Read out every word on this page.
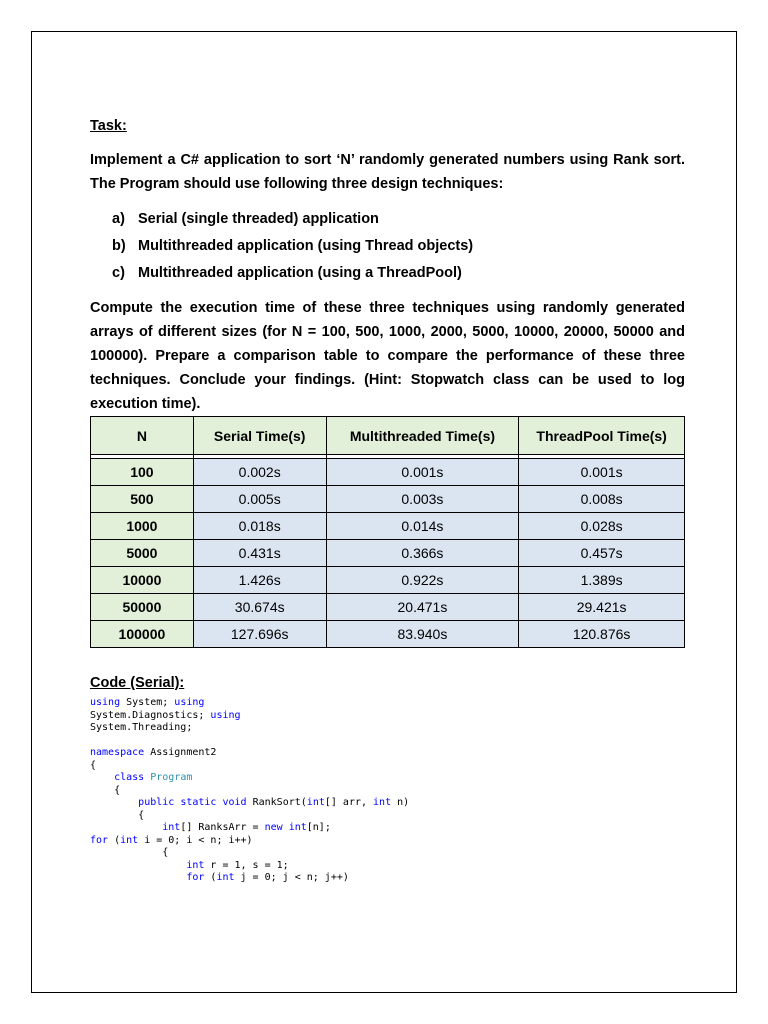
Task:
Implement a C# application to sort ‘N’ randomly generated numbers using Rank sort. The Program should use following three design techniques:
a) Serial (single threaded) application
b) Multithreaded application (using Thread objects)
c) Multithreaded application (using a ThreadPool)
Compute the execution time of these three techniques using randomly generated arrays of different sizes (for N = 100, 500, 1000, 2000, 5000, 10000, 20000, 50000 and 100000). Prepare a comparison table to compare the performance of these three techniques. Conclude your findings. (Hint: Stopwatch class can be used to log execution time).
N	Serial Time(s)	Multithreaded Time(s)	ThreadPool Time(s)

100	0.002s	0.001s	0.001s
500	0.005s	0.003s	0.008s
1000	0.018s	0.014s	0.028s
5000	0.431s	0.366s	0.457s
10000	1.426s	0.922s	1.389s
50000	30.674s	20.471s	29.421s
100000	127.696s	83.940s	120.876s
Code (Serial):
using System; using
System.Diagnostics; using
System.Threading;

namespace Assignment2
{
class Program
{
public static void RankSort(int[] arr, int n)
{
int[] RanksArr = new int[n];
for (int i = 0; i < n; i++)
{
int r = 1, s = 1;
for (int j = 0; j < n; j++)
